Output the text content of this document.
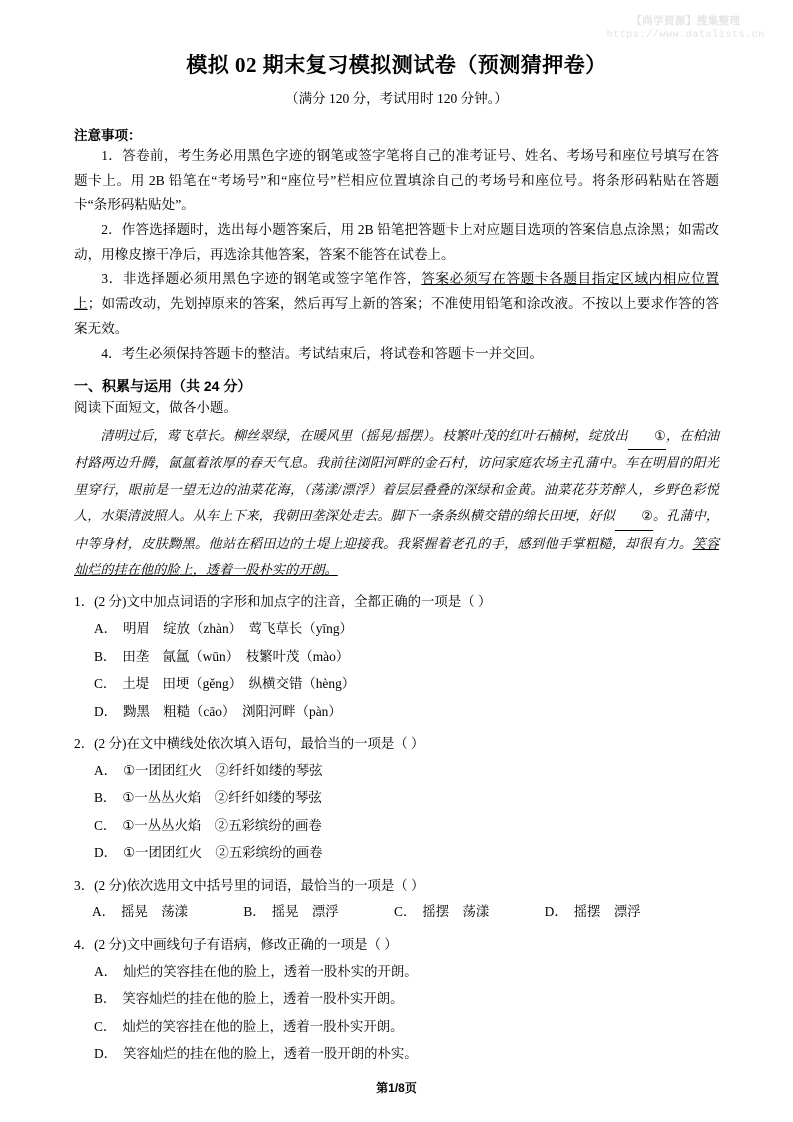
【尚学资源】搜集整理
https://www.datalists.cn
模拟 02 期末复习模拟测试卷（预测猜押卷）
（满分 120 分，考试用时 120 分钟。）
注意事项：

1．答卷前，考生务必用黑色字迹的钢笔或签字笔将自己的准考证号、姓名、考场号和座位号填写在答题卡上。用 2B 铅笔在“考场号”和“座位号”栏相应位置填涂自己的考场号和座位号。将条形码粘贴在答题卡“条形码粘贴处”。

2．作答选择题时，选出每小题答案后，用 2B 铅笔把答题卡上对应题目选项的答案信息点涂黑；如需改动，用橡皮擦干净后，再选涂其他答案，答案不能答在试卷上。

3．非选择题必须用黑色字迹的钢笔或签字笔作答，答案必须写在答题卡各题目指定区域内相应位置上；如需改动，先划掉原来的答案，然后再写上新的答案；不准使用铅笔和涂改液。不按以上要求作答的答案无效。

4．考生必须保持答题卡的整洁。考试结束后，将试卷和答题卡一并交回。

一、积累与运用（共 24 分）

阅读下面短文，做各小题。

清明过后，莺飞草长。柳丝翠绿，在暖风里（摇晃/摇摆）。枝繁叶茂的红叶石楠树，绽放出 ①，在柏油村路两边升腾，氤氲着浓厚的春天气息。我前往浏阳河畔的金石村，访问家庭农场主孔蒲中。车在明眉的阳光里穿行，眼前是一望无边的油菜花海，（荡漾/漂浮）着层层叠叠的深绿和金黄。油菜花芬芳醉人，乡野色彩悦人，水渠清波照人。从车上下来，我朝田垄深处走去。脚下一条条纵横交错的绵长田埂，好似 ②。孔蒲中，中等身材，皮肤黝黑。他站在稻田边的土堤上迎接我。我紧握着老孔的手，感到他手掌粗糙，却很有力。笑容灿烂的挂在他的脸上，透着一股朴实的开朗。

1．(2 分)文中加点词语的字形和加点字的注音，全都正确的一项是（ ）

A． 明眉　绽放（zhàn）　莺飞草长（yīng）
B． 田垄　氤氲（wūn）　枝繁叶茂（mào）
C． 土堤　田埂（gěng）　纵横交错（hèng）
D． 黝黑　粗糙（cāo）　浏阳河畔（pàn）

2．(2 分)在文中横线处依次填入语句，最恰当的一项是（ ）

A． ①一团团红火　②纤纤如缕的琴弦 B． ①一丛丛火焰　②纤纤如缕的琴弦 C． ①一丛丛火焰　②五彩缤纷的画卷 D． ①一团团红火　②五彩缤纷的画卷

3．(2 分)依次选用文中括号里的词语，最恰当的一项是（ ）

A． 摇晃　荡漾	B． 摇晃　漂浮	C． 摇摆　荡漾	D． 摇摆　漂浮

4．(2 分)文中画线句子有语病，修改正确的一项是（ ）

A． 灿烂的笑容挂在他的脸上，透着一股朴实的开朗。
B． 笑容灿烂的挂在他的脸上，透着一股朴实开朗。
C． 灿烂的笑容挂在他的脸上，透着一股朴实开朗。
D． 笑容灿烂的挂在他的脸上，透着一股开朗的朴实。
第1/8页
